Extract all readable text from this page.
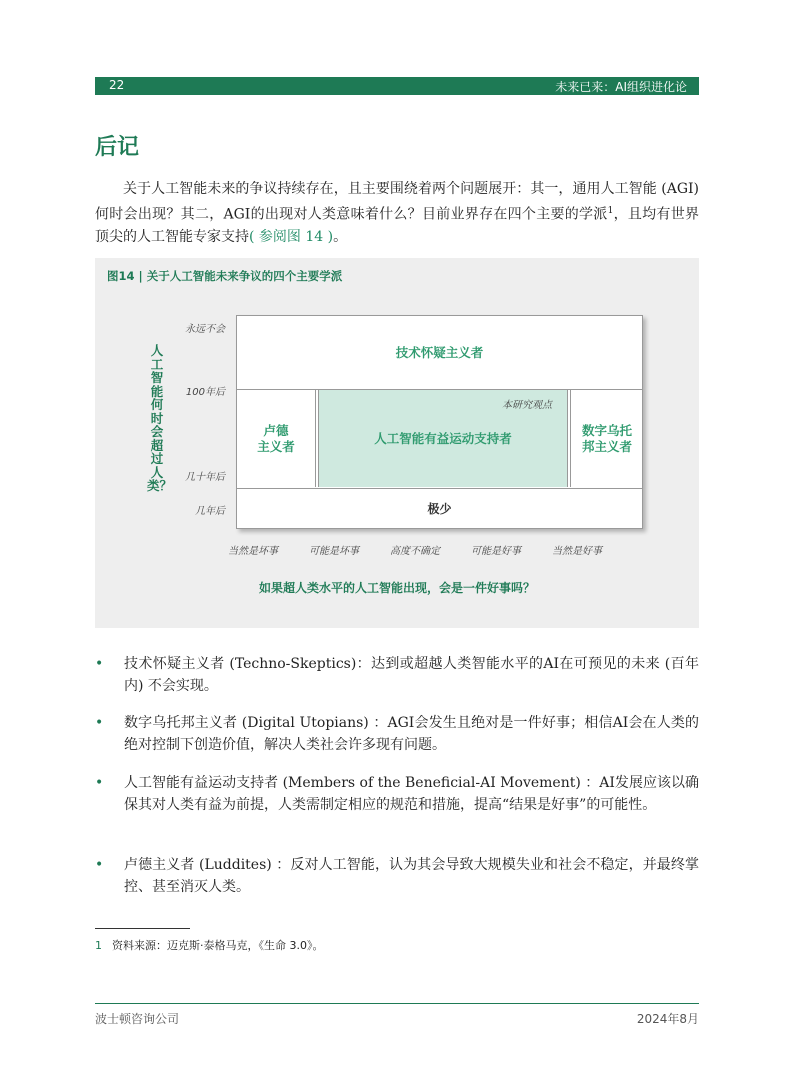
22	未来已来：AI组织进化论
后记
关于人工智能未来的争议持续存在，且主要围绕着两个问题展开：其一，通用人工智能 (AGI) 何时会出现？其二，AGI的出现对人类意味着什么？目前业界存在四个主要的学派$^1$，且均有世界顶尖的人工智能专家支持( 参阅图 14 )。
图14 | 关于人工智能未来争议的四个主要学派
人工智能何时会超过人类？
永远不会
100年后
几十年后
几年后
技术怀疑主义者
卢德
主义者
人工智能有益运动支持者
本研究观点
数字乌托
邦主义者
极少
当然是坏事	可能是坏事	高度不确定	可能是好事	当然是好事
如果超人类水平的人工智能出现，会是一件好事吗？
• 技术怀疑主义者 (Techno-Skeptics)：达到或超越人类智能水平的AI在可预见的未来 (百年内) 不会实现。
• 数字乌托邦主义者 (Digital Utopians) ：AGI会发生且绝对是一件好事；相信AI会在人类的绝对控制下创造价值，解决人类社会许多现有问题。
• 人工智能有益运动支持者 (Members of the Beneficial-AI Movement) ：AI发展应该以确保其对人类有益为前提，人类需制定相应的规范和措施，提高“结果是好事”的可能性。
• 卢德主义者 (Luddites) ：反对人工智能，认为其会导致大规模失业和社会不稳定，并最终掌控、甚至消灭人类。
1 资料来源：迈克斯·泰格马克，《生命 3.0》。
波士顿咨询公司	2024年8月
